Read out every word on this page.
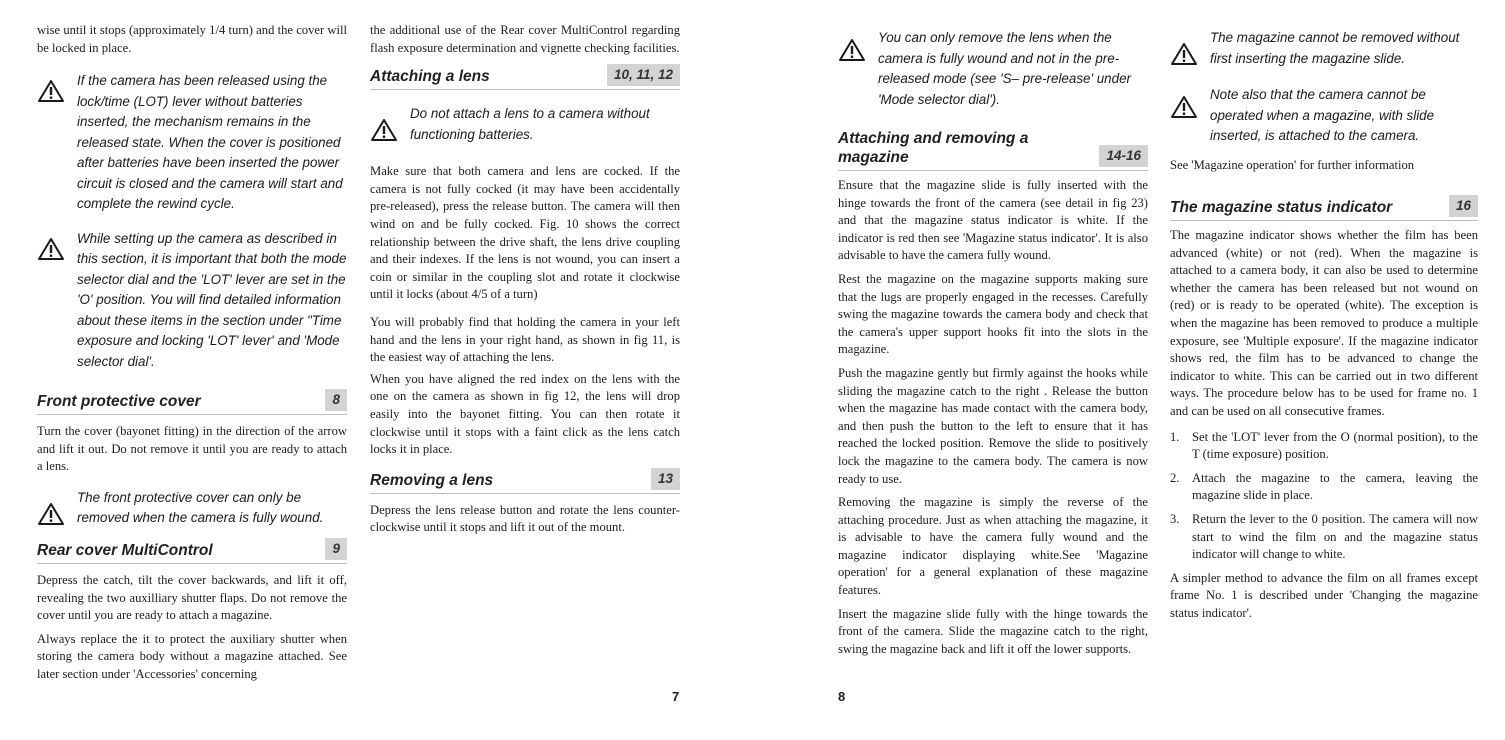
wise until it stops (approximately 1/4 turn) and the cover will be locked in place.

If the camera has been released using the lock/time (LOT) lever without batteries inserted, the mechanism remains in the released state. When the cover is positioned after batteries have been inserted the power circuit is closed and the camera will start and complete the rewind cycle.

While setting up the camera as described in this section, it is important that both the mode selector dial and the 'LOT' lever are set in the 'O' position. You will find detailed information about these items in the section under "Time exposure and locking 'LOT' lever' and 'Mode selector dial'.

Front protective cover	8

Turn the cover (bayonet fitting) in the direction of the arrow and lift it out. Do not remove it until you are ready to attach a lens.

The front protective cover can only be removed when the camera is fully wound.

Rear cover MultiControl	9

Depress the catch, tilt the cover backwards, and lift it off, revealing the two auxilliary shutter flaps. Do not remove the cover until you are ready to attach a magazine.

Always replace the it to protect the auxiliary shutter when storing the camera body without a magazine attached. See later section under 'Accessories' concerning

the additional use of the Rear cover MultiControl regarding flash exposure determination and vignette checking facilities.

Attaching a lens	10, 11, 12

Do not attach a lens to a camera without functioning batteries.

Make sure that both camera and lens are cocked. If the camera is not fully cocked (it may have been accidentally pre-released), press the release button. The camera will then wind on and be fully cocked. Fig. 10 shows the correct relationship between the drive shaft, the lens drive coupling and their indexes. If the lens is not wound, you can insert a coin or similar in the coupling slot and rotate it clockwise until it locks (about 4/5 of a turn)

You will probably find that holding the camera in your left hand and the lens in your right hand, as shown in fig 11, is the easiest way of attaching the lens.

When you have aligned the red index on the lens with the one on the camera as shown in fig 12, the lens will drop easily into the bayonet fitting. You can then rotate it clockwise until it stops with a faint click as the lens catch locks it in place.

Removing a lens	13

Depress the lens release button and rotate the lens counter-clockwise until it stops and lift it out of the mount.

7

You can only remove the lens when the camera is fully wound and not in the pre-released mode (see 'S– pre-release' under 'Mode selector dial').

Attaching and removing a magazine	14-16

Ensure that the magazine slide is fully inserted with the hinge towards the front of the camera (see detail in fig 23) and that the magazine status indicator is white. If the indicator is red then see 'Magazine status indicator'. It is also advisable to have the camera fully wound.

Rest the magazine on the magazine supports making sure that the lugs are properly engaged in the recesses. Carefully swing the magazine towards the camera body and check that the camera's upper support hooks fit into the slots in the magazine.

Push the magazine gently but firmly against the hooks while sliding the magazine catch to the right . Release the button when the magazine has made contact with the camera body, and then push the button to the left to ensure that it has reached the locked position. Remove the slide to positively lock the magazine to the camera body. The camera is now ready to use.

Removing the magazine is simply the reverse of the attaching procedure. Just as when attaching the magazine, it is advisable to have the camera fully wound and the magazine indicator displaying white.See 'Magazine operation' for a general explanation of these magazine features.

Insert the magazine slide fully with the hinge towards the front of the camera. Slide the magazine catch to the right, swing the magazine back and lift it off the lower supports.

8

The magazine cannot be removed without first inserting the magazine slide.

Note also that the camera cannot be operated when a magazine, with slide inserted, is attached to the camera.

See 'Magazine operation' for further information

The magazine status indicator	16

The magazine indicator shows whether the film has been advanced (white) or not (red). When the magazine is attached to a camera body, it can also be used to determine whether the camera has been released but not wound on (red) or is ready to be operated (white). The exception is when the magazine has been removed to produce a multiple exposure, see 'Multiple exposure'. If the magazine indicator shows red, the film has to be advanced to change the indicator to white. This can be carried out in two different ways. The procedure below has to be used for frame no. 1 and can be used on all consecutive frames.

1. Set the 'LOT' lever from the O (normal position), to the T (time exposure) position.
2. Attach the magazine to the camera, leaving the magazine slide in place.
3. Return the lever to the 0 position. The camera will now start to wind the film on and the magazine status indicator will change to white.

A simpler method to advance the film on all frames except frame No. 1 is described under 'Changing the magazine status indicator'.
